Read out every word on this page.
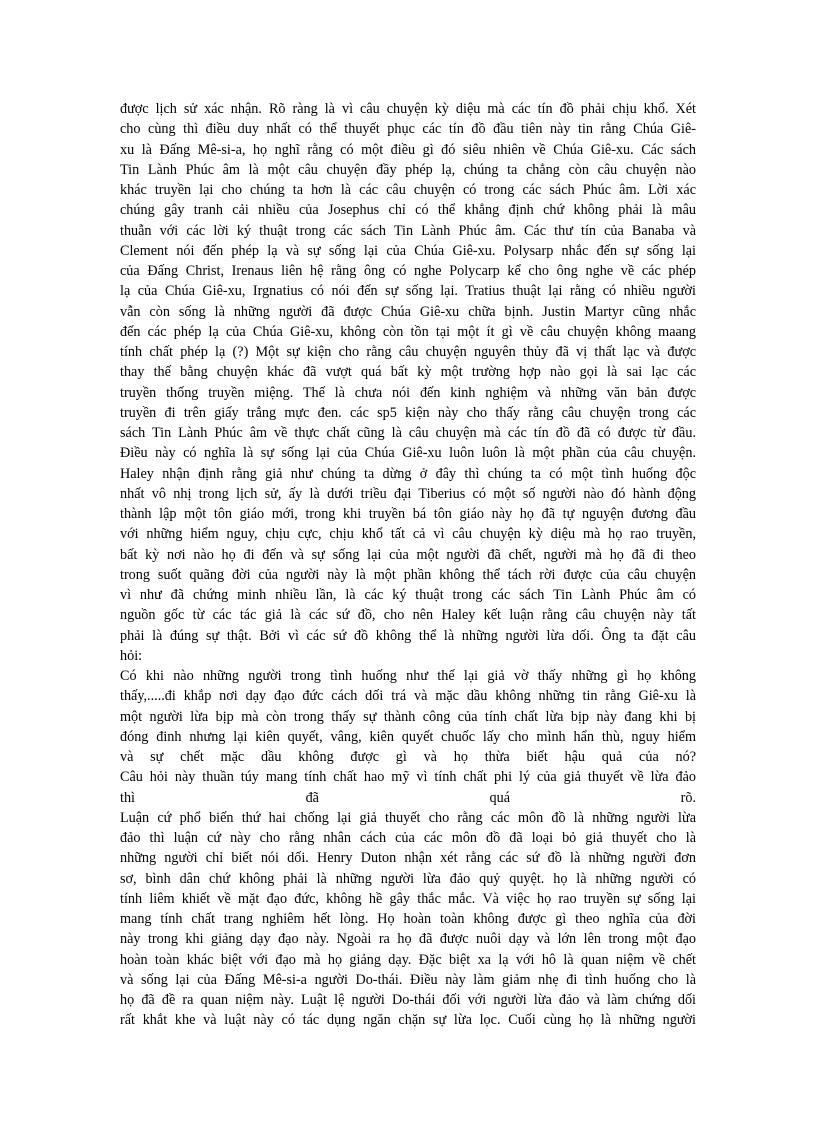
được lịch sử xác nhận. Rõ ràng là vì câu chuyện kỳ diệu mà các tín đồ phải chịu khổ. Xét
cho cùng thì điều duy nhất có thể thuyết phục các tín đồ đầu tiên này tin rằng Chúa Giê-
xu là Đấng Mê-si-a, họ nghĩ rằng có một điều gì đó siêu nhiên về Chúa Giê-xu. Các sách
Tin Lành Phúc âm là một câu chuyện đầy phép lạ, chúng ta chẳng còn câu chuyện nào
khác truyền lại cho chúng ta hơn là các câu chuyện có trong các sách Phúc âm. Lời xác
chúng gây tranh cải nhiều của Josephus chỉ có thể khẳng định chứ không phải là mâu
thuẫn với các lời ký thuật trong các sách Tin Lành Phúc âm. Các thư tín của Banaba và
Clement nói đến phép lạ và sự sống lại của Chúa Giê-xu. Polysarp nhắc đến sự sống lại
của Đấng Christ, Irenaus liên hệ rằng ông có nghe Polycarp kể cho ông nghe về các phép
lạ của Chúa Giê-xu, Irgnatius có nói đến sự sống lại. Tratius thuật lại rằng có nhiều người
vẫn còn sống là những người đã được Chúa Giê-xu chữa bịnh. Justin Martyr cũng nhắc
đến các phép lạ của Chúa Giê-xu, không còn tồn tại một ít gì về câu chuyện không maang
tính chất phép lạ (?) Một sự kiện cho rằng câu chuyện nguyên thủy đã vị thất lạc và được
thay thế bằng chuyện khác đã vượt quá bất kỳ một trường hợp nào gọi là sai lạc các
truyền thống truyền miệng. Thế là chưa nói đến kinh nghiệm và những văn bản được
truyền đi trên giấy trắng mực đen. các sp5 kiện này cho thấy rằng câu chuyện trong các
sách Tin Lành Phúc âm về thực chất cũng là câu chuyện mà các tín đồ đã có được từ đầu.
Điều này có nghĩa là sự sống lại của Chúa Giê-xu luôn luôn là một phần của câu chuyện.
Haley nhận định rằng giả như chúng ta dừng ở đây thì chúng ta có một tình huống độc
nhất vô nhị trong lịch sử, ấy là dưới triều đại Tiberius có một số người nào đó hành động
thành lập một tôn giáo mới, trong khi truyền bá tôn giáo này họ đã tự nguyện đương đầu
với những hiểm nguy, chịu cực, chịu khổ tất cả vì câu chuyện kỳ diệu mà họ rao truyền,
bất kỳ nơi nào họ đi đến và sự sống lại của một người đã chết, người mà họ đã đi theo
trong suốt quãng đời của người này là một phần không thể tách rời được của câu chuyện
vì như đã chứng minh nhiều lần, là các ký thuật trong các sách Tin Lành Phúc âm có
nguồn gốc từ các tác giả là các sứ đồ, cho nên Haley kết luận rằng câu chuyện này tất
phải là đúng sự thật. Bởi vì các sứ đồ không thể là những người lừa dối. Ông ta đặt câu
hỏi:
Có khi nào những người trong tình huống như thế lại giả vờ thấy những gì họ không
thấy,.....đi khắp nơi dạy đạo đức cách dối trá và mặc dầu không những tin rằng Giê-xu là
một người lừa bịp mà còn trong thấy sự thành công của tính chất lừa bịp này đang khi bị
đóng đinh nhưng lại kiên quyết, vâng, kiên quyết chuốc lấy cho mình hẩn thù, nguy hiểm
và sự chết mặc dầu không được gì và họ thừa biết hậu quả của nó?
Câu hỏi này thuần túy mang tính chất hao mỹ vì tính chất phi lý của giả thuyết về lừa đảo
thì đã quá rõ.
Luận cứ phổ biến thứ hai chống lại giả thuyết cho rằng các môn đồ là những người lừa
đảo thì luận cứ này cho rằng nhân cách của các môn đồ đã loại bỏ giả thuyết cho là
những người chỉ biết nói dối. Henry Duton nhận xét rằng các sứ đồ là những người đơn
sơ, bình dân chứ không phải là những người lừa đảo quỷ quyệt. họ là những người có
tính liêm khiết về mặt đạo đức, không hề gây thắc mắc. Và việc họ rao truyền sự sống lại
mang tính chất trang nghiêm hết lòng. Họ hoàn toàn không được gì theo nghĩa của đời
này trong khi giảng dạy đạo này. Ngoài ra họ đã được nuôi dạy và lớn lên trong một đạo
hoàn toàn khác biệt với đạo mà họ giảng dạy. Đặc biệt xa lạ với hô là quan niệm về chết
và sống lại của Đấng Mê-si-a người Do-thái. Điều này làm giảm nhẹ đi tình huống cho là
họ đã đề ra quan niệm này. Luật lệ người Do-thái đối với người lừa đảo và làm chứng dối
rất khắt khe và luật này có tác dụng ngăn chặn sự lừa lọc. Cuối cùng họ là những người
